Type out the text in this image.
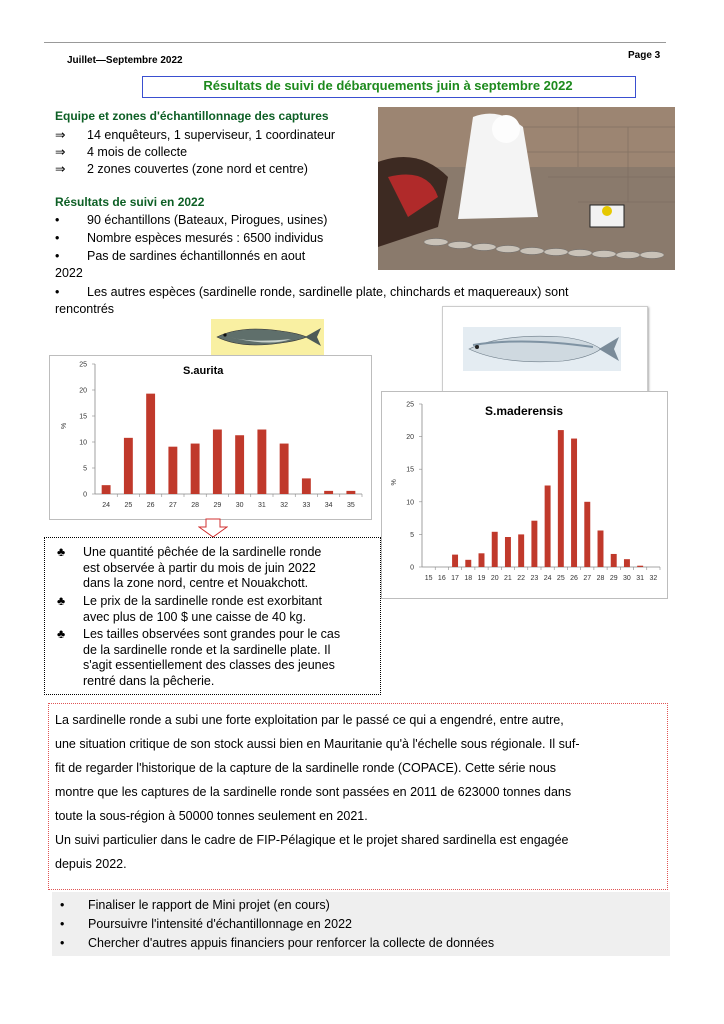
Juillet—Septembre 2022	Page 3
Résultats de suivi de débarquements juin à septembre 2022
Equipe et zones d'échantillonnage des captures
⇒ 14 enquêteurs, 1 superviseur, 1 coordinateur
⇒ 4 mois de collecte
⇒ 2 zones couvertes (zone nord et centre)
Résultats de suivi en 2022
• 90 échantillons (Bateaux, Pirogues, usines)
• Nombre espèces mesurés : 6500 individus
• Pas de sardines échantillonnés en aout
2022
• Les autres espèces (sardinelle ronde, sardinelle plate, chinchards et maquereaux) sont
rencontrés
S.aurita
%
0
5
10
15
20
25
24 25 26 27 28 29 30 31 32 33 34 35
S.maderensis
%
0
5
10
15
20
25
15 16 17 18 19 20 21 22 23 24 25 26 27 28 29 30 31 32
♣ Une quantité pêchée de la sardinelle ronde
est observée à partir du mois de juin 2022
dans la zone nord, centre et Nouakchott.
♣ Le prix de la sardinelle ronde est exorbitant
avec plus de 100 $ une caisse de 40 kg.
♣ Les tailles observées sont grandes pour le cas
de la sardinelle ronde et la sardinelle plate. Il
s'agit essentiellement des classes des jeunes
rentré dans la pêcherie.
La sardinelle ronde a subi une forte exploitation par le passé ce qui a engendré, entre autre,
une situation critique de son stock aussi bien en Mauritanie qu'à l'échelle sous régionale. Il suf-
fit de regarder l'historique de la capture de la sardinelle ronde (COPACE). Cette série nous
montre que les captures de la sardinelle ronde sont passées en 2011 de 623000 tonnes dans
toute la sous-région à 50000 tonnes seulement en 2021.
Un suivi particulier dans le cadre de FIP-Pélagique et le projet shared sardinella est engagée
depuis 2022.
• Finaliser le rapport de Mini projet (en cours)
• Poursuivre l'intensité d'échantillonnage en 2022
• Chercher d'autres appuis financiers pour renforcer la collecte de données
